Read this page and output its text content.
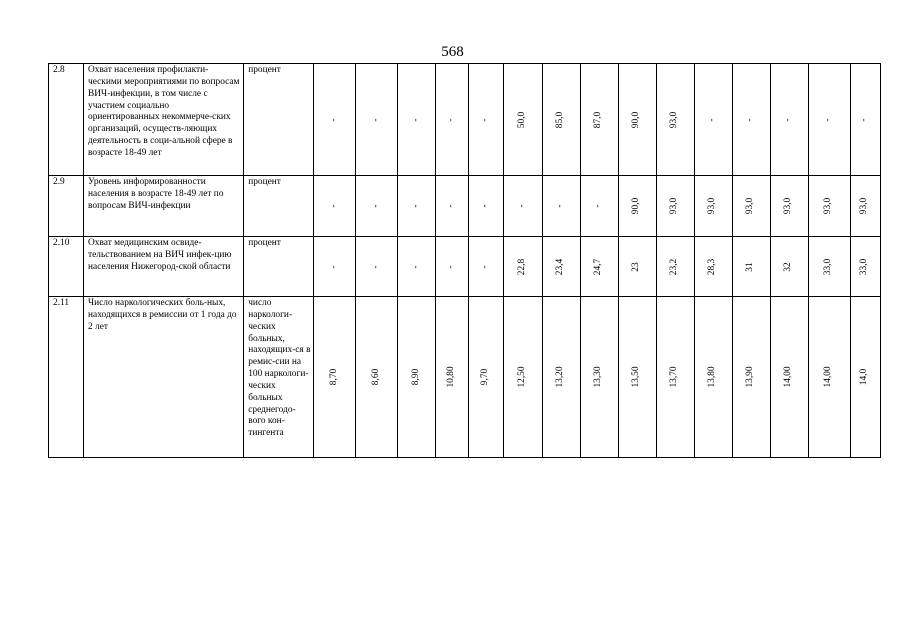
568
2.8	Охват населения профилакти-ческими мероприятиями по вопросам ВИЧ-инфекции, в том числе с участием социально ориентированных некоммерче-ских организаций, осуществ-ляющих деятельность в соци-альной сфере в возрасте 18-49 лет	процент	-	-	-	-	-	50,0	85,0	87,0	90,0	93,0	-	-	-	-	-

2.9	Уровень информированности населения в возрасте 18-49 лет по вопросам ВИЧ-инфекции	процент	-	-	-	-	-	-	-	-	90,0	93,0	93,0	93,0	93,0	93,0	93,0

2.10	Охват медицинским освиде-тельствованием на ВИЧ инфек-цию населения Нижегород-ской области	процент	-	-	-	-	-	22,8	23,4	24,7	23	23,2	28,3	31	32	33,0	33,0

2.11	Число наркологических боль-ных, находящихся в ремиссии от 1 года до 2 лет	число наркологи-ческих больных, находящих-ся в ремис-сии на 100 наркологи-ческих больных среднегодо-вого кон-тингента	8,70	8,60	8,90	10,80	9,70	12,50	13,20	13,30	13,50	13,70	13,80	13,90	14,00	14,00	14,0
